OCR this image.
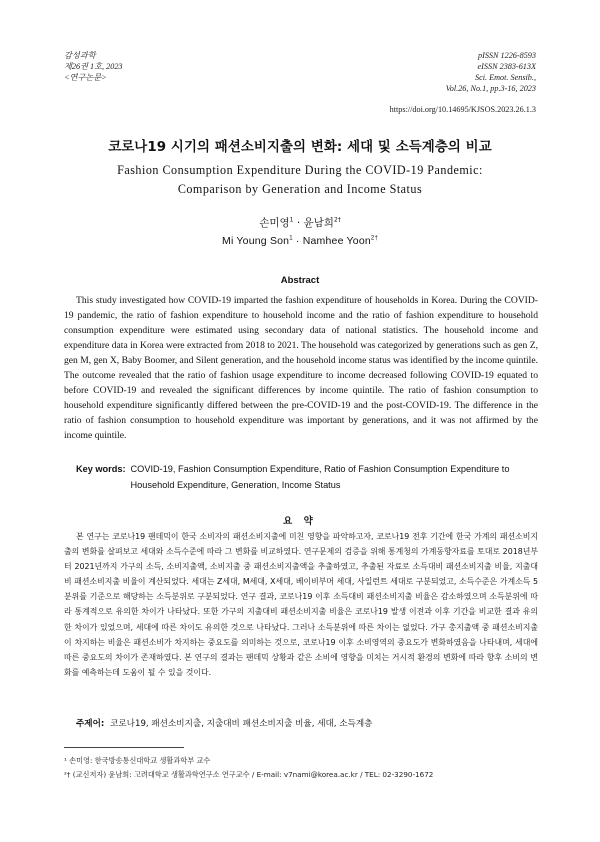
감성과학
제26권 1호, 2023
<연구논문>
pISSN 1226-8593
eISSN 2383-613X
Sci. Emot. Sensib.,
Vol.26, No.1, pp.3-16, 2023
https://doi.org/10.14695/KJSOS.2023.26.1.3
코로나19 시기의 패션소비지출의 변화: 세대 및 소득계층의 비교
Fashion Consumption Expenditure During the COVID-19 Pandemic:
Comparison by Generation and Income Status
손미영$^1$ · 윤남희$^{2\dagger}$
Mi Young Son$^1$ · Namhee Yoon$^{2\dagger}$
Abstract

This study investigated how COVID-19 imparted the fashion expenditure of households in Korea. During the COVID-19 pandemic, the ratio of fashion expenditure to household income and the ratio of fashion expenditure to household consumption expenditure were estimated using secondary data of national statistics. The household income and expenditure data in Korea were extracted from 2018 to 2021. The household was categorized by generations such as gen Z, gen M, gen X, Baby Boomer, and Silent generation, and the household income status was identified by the income quintile. The outcome revealed that the ratio of fashion usage expenditure to income decreased following COVID-19 equated to before COVID-19 and revealed the significant differences by income quintile. The ratio of fashion consumption to household expenditure significantly differed between the pre-COVID-19 and the post-COVID-19. The difference in the ratio of fashion consumption to household expenditure was important by generations, and it was not affirmed by the income quintile.

Key words: COVID-19, Fashion Consumption Expenditure, Ratio of Fashion Consumption Expenditure to Household Expenditure, Generation, Income Status
요 약

본 연구는 코로나19 팬데믹이 한국 소비자의 패션소비지출에 미친 영향을 파악하고자, 코로나19 전후 기간에 한국 가계의 패션소비지출의 변화를 살펴보고 세대와 소득수준에 따라 그 변화를 비교하였다. 연구문제의 검증을 위해 통계청의 가계동향자료를 토대로 2018년부터 2021년까지 가구의 소득, 소비지출액, 소비지출 중 패션소비지출액을 추출하였고, 추출된 자료로 소득대비 패션소비지출 비율, 지출대비 패션소비지출 비율이 계산되었다. 세대는 Z세대, M세대, X세대, 베이비부머 세대, 사일런트 세대로 구분되었고, 소득수준은 가계소득 5분위를 기준으로 해당하는 소득분위로 구분되었다. 연구 결과, 코로나19 이후 소득대비 패션소비지출 비율은 감소하였으며 소득분위에 따라 통계적으로 유의한 차이가 나타났다. 또한 가구의 지출대비 패션소비지출 비율은 코로나19 발생 이전과 이후 기간을 비교한 결과 유의한 차이가 있었으며, 세대에 따른 차이도 유의한 것으로 나타났다. 그러나 소득분위에 따른 차이는 없었다. 가구 총지출액 중 패션소비지출이 차지하는 비율은 패션소비가 차지하는 중요도를 의미하는 것으로, 코로나19 이후 소비영역의 중요도가 변화하였음을 나타내며, 세대에 따른 중요도의 차이가 존재하였다. 본 연구의 결과는 팬데믹 상황과 같은 소비에 영향을 미치는 거시적 환경의 변화에 따라 향후 소비의 변화를 예측하는데 도움이 될 수 있을 것이다.

주제어: 코로나19, 패션소비지출, 지출대비 패션소비지출 비율, 세대, 소득계층
¹ 손미영: 한국방송통신대학교 생활과학부 교수
²† (교신저자) 윤남희: 고려대학교 생활과학연구소 연구교수 / E-mail: v7nami@korea.ac.kr / TEL: 02-3290-1672
